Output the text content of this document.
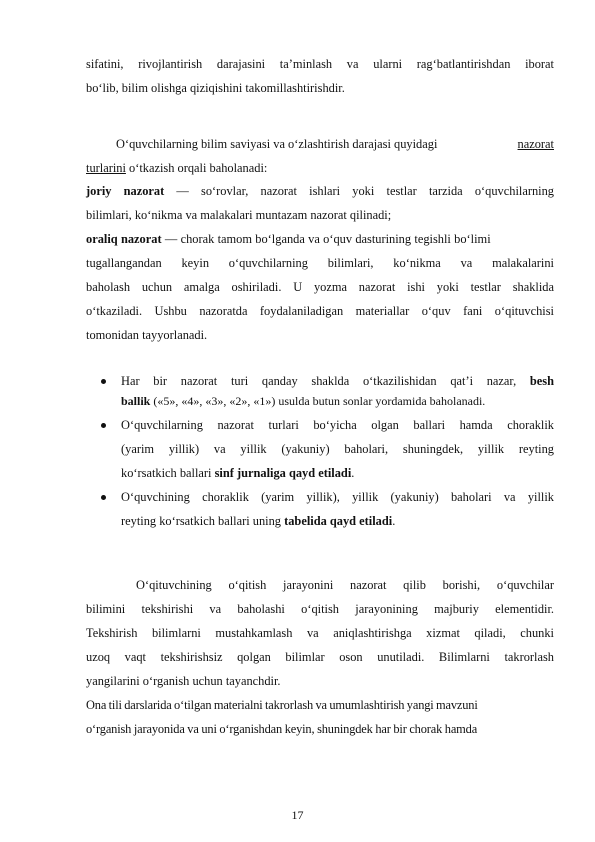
sifatini, rivojlantirish darajasini ta’minlash va ularni rag‘batlantirishdan iborat
bo‘lib, bilim olishga qiziqishini takomillashtirishdir.
O‘quvchilarning bilim saviyasi va o‘zlashtirish darajasi quyidagi	nazorat
turlarini o‘tkazish orqali baholanadi:
joriy nazorat — so‘rovlar, nazorat ishlari yoki testlar tarzida o‘quvchilarning
bilimlari, ko‘nikma va malakalari muntazam nazorat qilinadi;
oraliq nazorat — chorak tamom bo‘lganda va o‘quv dasturining tegishli bo‘limi
tugallangandan keyin o‘quvchilarning bilimlari, ko‘nikma va malakalarini
baholash uchun amalga oshiriladi. U yozma nazorat ishi yoki testlar shaklida
o‘tkaziladi. Ushbu nazoratda foydalaniladigan materiallar o‘quv fani o‘qituvchisi
tomonidan tayyorlanadi.
Har bir nazorat turi qanday shaklda o‘tkazilishidan qat’i nazar, besh
ballik («5», «4», «3», «2», «1») usulda butun sonlar yordamida baholanadi.
O‘quvchilarning nazorat turlari bo‘yicha olgan ballari hamda choraklik
(yarim yillik) va yillik (yakuniy) baholari, shuningdek, yillik reyting
ko‘rsatkich ballari sinf jurnaliga qayd etiladi.
O‘quvchining choraklik (yarim yillik), yillik (yakuniy) baholari va yillik
reyting ko‘rsatkich ballari uning tabelida qayd etiladi.
O‘qituvchining o‘qitish jarayonini nazorat qilib borishi, o‘quvchilar
bilimini tekshirishi va baholashi o‘qitish jarayonining majburiy elementidir.
Tekshirish bilimlarni mustahkamlash va aniqlashtirishga xizmat qiladi, chunki
uzoq vaqt tekshirishsiz qolgan bilimlar oson unutiladi. Bilimlarni takrorlash
yangilarini o‘rganish uchun tayanchdir.
Ona tili darslarida o‘tilgan materialni takrorlash va umumlashtirish yangi mavzuni
o‘rganish jarayonida va uni o‘rganishdan keyin, shuningdek har bir chorak hamda
17
